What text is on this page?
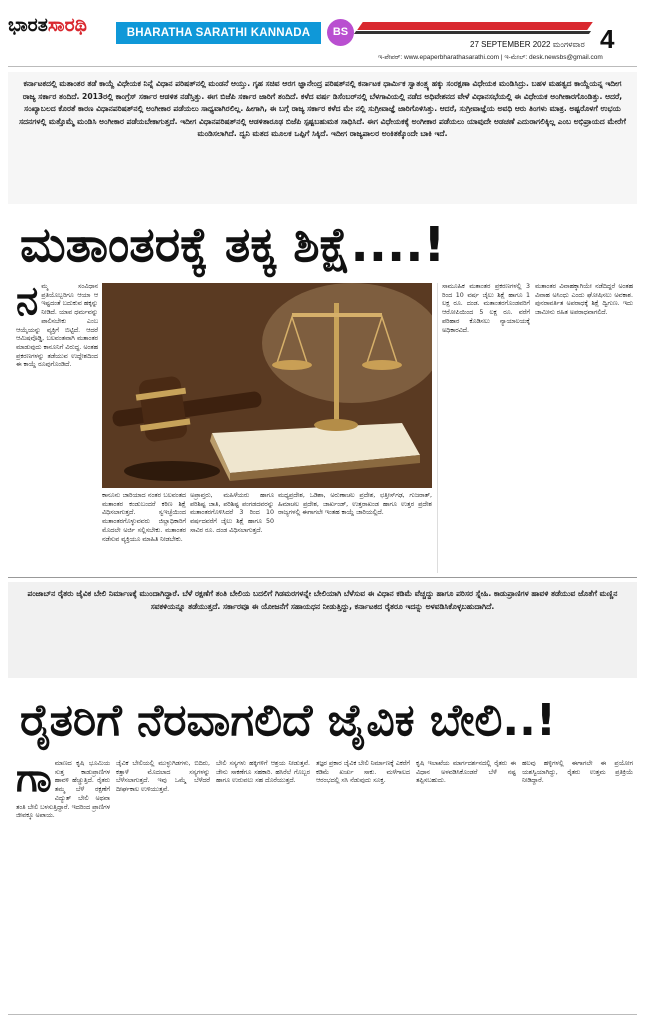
ಭಾರತಸಾರಥಿ	BHARATHA SARATHI KANNADA DAILY
BS
27 SEPTEMBER 2022 ಮಂಗಳವಾರ 4
ಇ-ಪೇಪರ್: www.epaperbharathasarathi.com | ಇ-ಮೇಲ್: desk.newsbs@gmail.com
ಕರ್ನಾಟಕದಲ್ಲಿ ಮತಾಂತರ ತಡೆ ಕಾಯ್ದೆ ವಿಧೇಯಕ ನಿನ್ನೆ ವಿಧಾನ ಪರಿಷತ್‌ನಲ್ಲಿ ಮಂಡನೆ ಆಯ್ತು. ಗೃಹ ಸಚಿವ ಆರಗ ಜ್ಞಾನೇಂದ್ರ ಪರಿಷತ್‌ನಲ್ಲಿ ಕರ್ನಾಟಕ ಧಾರ್ಮಿಕ ಸ್ವಾತಂತ್ರ್ಯ ಹಕ್ಕು ಸಂರಕ್ಷಣಾ ವಿಧೇಯಕ ಮಂಡಿಸಿದ್ರು. ಬಹಳ ಮಹತ್ವದ ಕಾಯ್ದೆಯನ್ನ ಇದೀಗ ರಾಜ್ಯ ಸರ್ಕಾರ ತಂದಿದೆ. 2013ರಲ್ಲಿ ಕಾಂಗ್ರೆಸ್ ಸರ್ಕಾರ ಆಡಳಿತ ನಡೆಸ್ತಿತ್ತು. ಈಗ ಬಿಜೆಪಿ ಸರ್ಕಾರ ಜಾರಿಗೆ ತಂದಿದೆ. ಕಳೆದ ವರ್ಷ ಡಿಸೆಂಬರ್‌ನಲ್ಲಿ ಬೆಳಗಾವಿಯಲ್ಲಿ ನಡೆದ ಅಧಿವೇಶನದ ವೇಳೆ ವಿಧಾನಸಭೆಯಲ್ಲಿ ಈ ವಿಧೇಯಕ ಅಂಗೀಕಾರಗೊಂಡಿತ್ತು. ಆದರೆ, ಸಂಖ್ಯಾಬಲದ ಕೊರತೆ ಕಾರಣ ವಿಧಾನಪರಿಷತ್‌ನಲ್ಲಿ ಅಂಗೀಕಾರ ಪಡೆಯಲು ಸಾಧ್ಯವಾಗಿರಲಿಲ್ಲ. ಹೀಗಾಗಿ, ಈ ಬಗ್ಗೆ ರಾಜ್ಯ ಸರ್ಕಾರ ಕಳೆದ ಮೇ ನಲ್ಲಿ ಸುಗ್ರೀವಾಜ್ಞೆ ಜಾರಿಗೊಳಿಸಿತ್ತು. ಆದರೆ, ಸುಗ್ರೀವಾಜ್ಞೆಯ ಅವಧಿ ಆರು ತಿಂಗಳು ಮಾತ್ರ. ಅಷ್ಟರೊಳಗೆ ಉಭಯ ಸದನಗಳಲ್ಲಿ ಮತ್ತೊಮ್ಮೆ ಮಂಡಿಸಿ ಅಂಗೀಕಾರ ಪಡೆಯಬೇಕಾಗುತ್ತದೆ. ಇದೀಗ ವಿಧಾನಪರಿಷತ್‌ನಲ್ಲಿ ಆಡಳಿತಾರೂಢ ಬಿಜೆಪಿ ಸ್ಪಷ್ಟಬಹುಮತ ಸಾಧಿಸಿದೆ. ಈಗ ವಿಧೇಯಕಕ್ಕೆ ಅಂಗೀಕಾರ ಪಡೆಯಲು ಯಾವುದೇ ಅಡಚಣೆ ಎದುರಾಗಲಿಕ್ಕಿಲ್ಲ ಎಂಬ ಅಭಿಪ್ರಾಯದ ಮೇರೆಗೆ ಮಂಡಿಸಲಾಗಿದೆ. ದ್ವನಿ ಮತದ ಮೂಲಕ ಒಪ್ಪಿಗೆ ಸಿಕ್ಕಿದೆ. ಇದೀಗ ರಾಜ್ಯಪಾಲರ ಅಂಕಿತಕ್ಕೊಂದೇ ಬಾಕಿ ಇದೆ.
ಮತಾಂತರಕ್ಕೆ ತಕ್ಕ ಶಿಕ್ಷೆ....!
ನ ಮ್ಮ ಸಂವಿಧಾನ ಪ್ರತಿಯೊಬ್ಬರಿಗೂ ಆಯಾ ಆ ಇಷ್ಟದಂತೆ ಬದುಕುವ ಹಕ್ಕನ್ನು ನೀಡಿದೆ. ಯಾವ ಧರ್ಮವನ್ನು ಪಾಲಿಸಬೇಕು ಎಂಬ ಆಯ್ಕೆಯನ್ನು ವ್ಯಕ್ತಿಗೆ ಬಿಟ್ಟಿದೆ. ಆದರೆ ಆಮಿಷವೊಡ್ಡಿ, ಬಲವಂತವಾಗಿ ಮತಾಂತರ ಮಾಡುವುದು ಕಾನೂನಿಗೆ ವಿರುದ್ಧ. ಅಂತಹ ಪ್ರಕರಣಗಳನ್ನು ತಡೆಯುವ ಉದ್ದೇಶದಿಂದ ಈ ಕಾಯ್ದೆ ರೂಪುಗೊಂಡಿದೆ.
ಸಾಮೂಹಿಕ ಮತಾಂತರ ಪ್ರಕರಣಗಳಲ್ಲಿ 3 ರಿಂದ 10 ವರ್ಷ ಜೈಲು ಶಿಕ್ಷೆ ಹಾಗೂ 1 ಲಕ್ಷ ರೂ. ದಂಡ. ಮತಾಂತರಗೊಂಡವರಿಗೆ ಆರೋಪಿಯಿಂದ 5 ಲಕ್ಷ ರೂ. ವರೆಗೆ ಪರಿಹಾರ ಕೊಡಿಸಲು ನ್ಯಾಯಾಲಯಕ್ಕೆ ಅಧಿಕಾರವಿದೆ.
ಮತಾಂತರ ವಿವಾಹಕ್ಕಾಗಿಯೇ ನಡೆದಿದ್ದರೆ ಅಂತಹ ವಿವಾಹ ಅಸಿಂಧು ಎಂದು ಘೋಷಿಸಲು ಅವಕಾಶ. ಪುನರಾವರ್ತಿತ ಅಪರಾಧಕ್ಕೆ ಶಿಕ್ಷೆ ದ್ವಿಗುಣ. ಇದು ಜಾಮೀನು ರಹಿತ ಅಪರಾಧವಾಗಲಿದೆ.
ಕಾನೂನು ಜಾರಿಯಾದ ನಂತರ ಬಲವಂತದ ಮತಾಂತರ ಕಂಡುಬಂದರೆ ಕಠಿಣ ಶಿಕ್ಷೆ ವಿಧಿಸಲಾಗುತ್ತದೆ. ಸ್ವಇಚ್ಛೆಯಿಂದ ಮತಾಂತರಗೊಳ್ಳುವವರು ಜಿಲ್ಲಾಧಿಕಾರಿಗೆ ಮೊದಲೇ ಅರ್ಜಿ ಸಲ್ಲಿಸಬೇಕು. ಮತಾಂತರ ನಡೆಸುವ ವ್ಯಕ್ತಿಯೂ ಮಾಹಿತಿ ನೀಡಬೇಕು.
ಅಪ್ರಾಪ್ತರು, ಮಹಿಳೆಯರು ಹಾಗೂ ಪರಿಶಿಷ್ಟ ಜಾತಿ, ಪರಿಶಿಷ್ಟ ಪಂಗಡದವರನ್ನು ಮತಾಂತರಗೊಳಿಸಿದರೆ 3 ರಿಂದ 10 ವರ್ಷದವರೆಗೆ ಜೈಲು ಶಿಕ್ಷೆ ಹಾಗೂ 50 ಸಾವಿರ ರೂ. ದಂಡ ವಿಧಿಸಲಾಗುತ್ತದೆ.
ಮಧ್ಯಪ್ರದೇಶ, ಒಡಿಶಾ, ಅರುಣಾಚಲ ಪ್ರದೇಶ, ಛತ್ತೀಸ್‌ಗಢ, ಗುಜರಾತ್, ಹಿಮಾಚಲ ಪ್ರದೇಶ, ಜಾರ್ಖಂಡ್, ಉತ್ತರಾಖಂಡ ಹಾಗೂ ಉತ್ತರ ಪ್ರದೇಶ ರಾಜ್ಯಗಳಲ್ಲಿ ಈಗಾಗಲೇ ಇಂತಹ ಕಾಯ್ದೆ ಜಾರಿಯಲ್ಲಿದೆ.
ಪಂಜಾಬ್‌ನ ರೈತರು ಜೈವಿಕ ಬೇಲಿ ನಿರ್ಮಾಣಕ್ಕೆ ಮುಂದಾಗಿದ್ದಾರೆ. ಬೆಳೆ ರಕ್ಷಣೆಗೆ ತಂತಿ ಬೇಲಿಯ ಬದಲಿಗೆ ಗಿಡಮರಗಳನ್ನೇ ಬೇಲಿಯಾಗಿ ಬೆಳೆಸುವ ಈ ವಿಧಾನ ಕಡಿಮೆ ವೆಚ್ಚದ್ದು ಹಾಗೂ ಪರಿಸರ ಸ್ನೇಹಿ. ಕಾಡುಪ್ರಾಣಿಗಳ ಹಾವಳಿ ತಡೆಯುವ ಜೊತೆಗೆ ಮಣ್ಣಿನ ಸವಕಳಿಯನ್ನೂ ತಡೆಯುತ್ತದೆ. ಸರ್ಕಾರವೂ ಈ ಯೋಜನೆಗೆ ಸಹಾಯಧನ ನೀಡುತ್ತಿದ್ದು, ಕರ್ನಾಟಕದ ರೈತರೂ ಇದನ್ನು ಅಳವಡಿಸಿಕೊಳ್ಳಬಹುದಾಗಿದೆ.
ರೈತರಿಗೆ ನೆರವಾಗಲಿದೆ ಜೈವಿಕ ಬೇಲಿ..!
ಗಾ ಮಾಣದ ಕೃಷಿ ಭೂಮಿಯ ಸುತ್ತ ಕಾಡುಪ್ರಾಣಿಗಳ ಹಾವಳಿ ಹೆಚ್ಚುತ್ತಿದೆ. ರೈತರು ತಮ್ಮ ಬೆಳೆ ರಕ್ಷಣೆಗೆ ವಿದ್ಯುತ್ ಬೇಲಿ ಅಥವಾ ತಂತಿ ಬೇಲಿ ಬಳಸುತ್ತಿದ್ದಾರೆ. ಇದರಿಂದ ಪ್ರಾಣಿಗಳ ಜೀವಕ್ಕೂ ಅಪಾಯ.
ಜೈವಿಕ ಬೇಲಿಯಲ್ಲಿ ಮುಳ್ಳುಗಿಡಗಳು, ಬಿದಿರು, ಕತ್ತಾಳೆ ಮೊದಲಾದ ಸಸ್ಯಗಳನ್ನು ಬೆಳೆಸಲಾಗುತ್ತದೆ. ಇವು ಒಮ್ಮೆ ಬೆಳೆದರೆ ದೀರ್ಘಕಾಲ ಉಳಿಯುತ್ತವೆ.
ಬೇಲಿ ಸಸ್ಯಗಳು ಹಕ್ಕಿಗಳಿಗೆ ಆಶ್ರಯ ನೀಡುತ್ತವೆ. ಜೇನು ಸಾಕಣೆಗೂ ಸಹಕಾರಿ. ಹಸಿರೆಲೆ ಗೊಬ್ಬರ ಹಾಗೂ ಉರುವಲು ಸಹ ದೊರೆಯುತ್ತದೆ.
ತಜ್ಞರ ಪ್ರಕಾರ ಜೈವಿಕ ಬೇಲಿ ನಿರ್ಮಾಣಕ್ಕೆ ಎಕರೆಗೆ ಕಡಿಮೆ ಖರ್ಚು ಸಾಕು. ಮಳೆಗಾಲದ ಆರಂಭದಲ್ಲಿ ಸಸಿ ನೆಡುವುದು ಸೂಕ್ತ.
ಕೃಷಿ ಇಲಾಖೆಯ ಮಾರ್ಗದರ್ಶನದಲ್ಲಿ ರೈತರು ಈ ವಿಧಾನ ಅಳವಡಿಸಿಕೊಂಡರೆ ಬೆಳೆ ನಷ್ಟ ತಪ್ಪಿಸಬಹುದು.
ಹಲವು ಹಳ್ಳಿಗಳಲ್ಲಿ ಈಗಾಗಲೇ ಈ ಪ್ರಯೋಗ ಯಶಸ್ವಿಯಾಗಿದ್ದು, ರೈತರು ಉತ್ತಮ ಪ್ರತಿಕ್ರಿಯೆ ನೀಡಿದ್ದಾರೆ.
